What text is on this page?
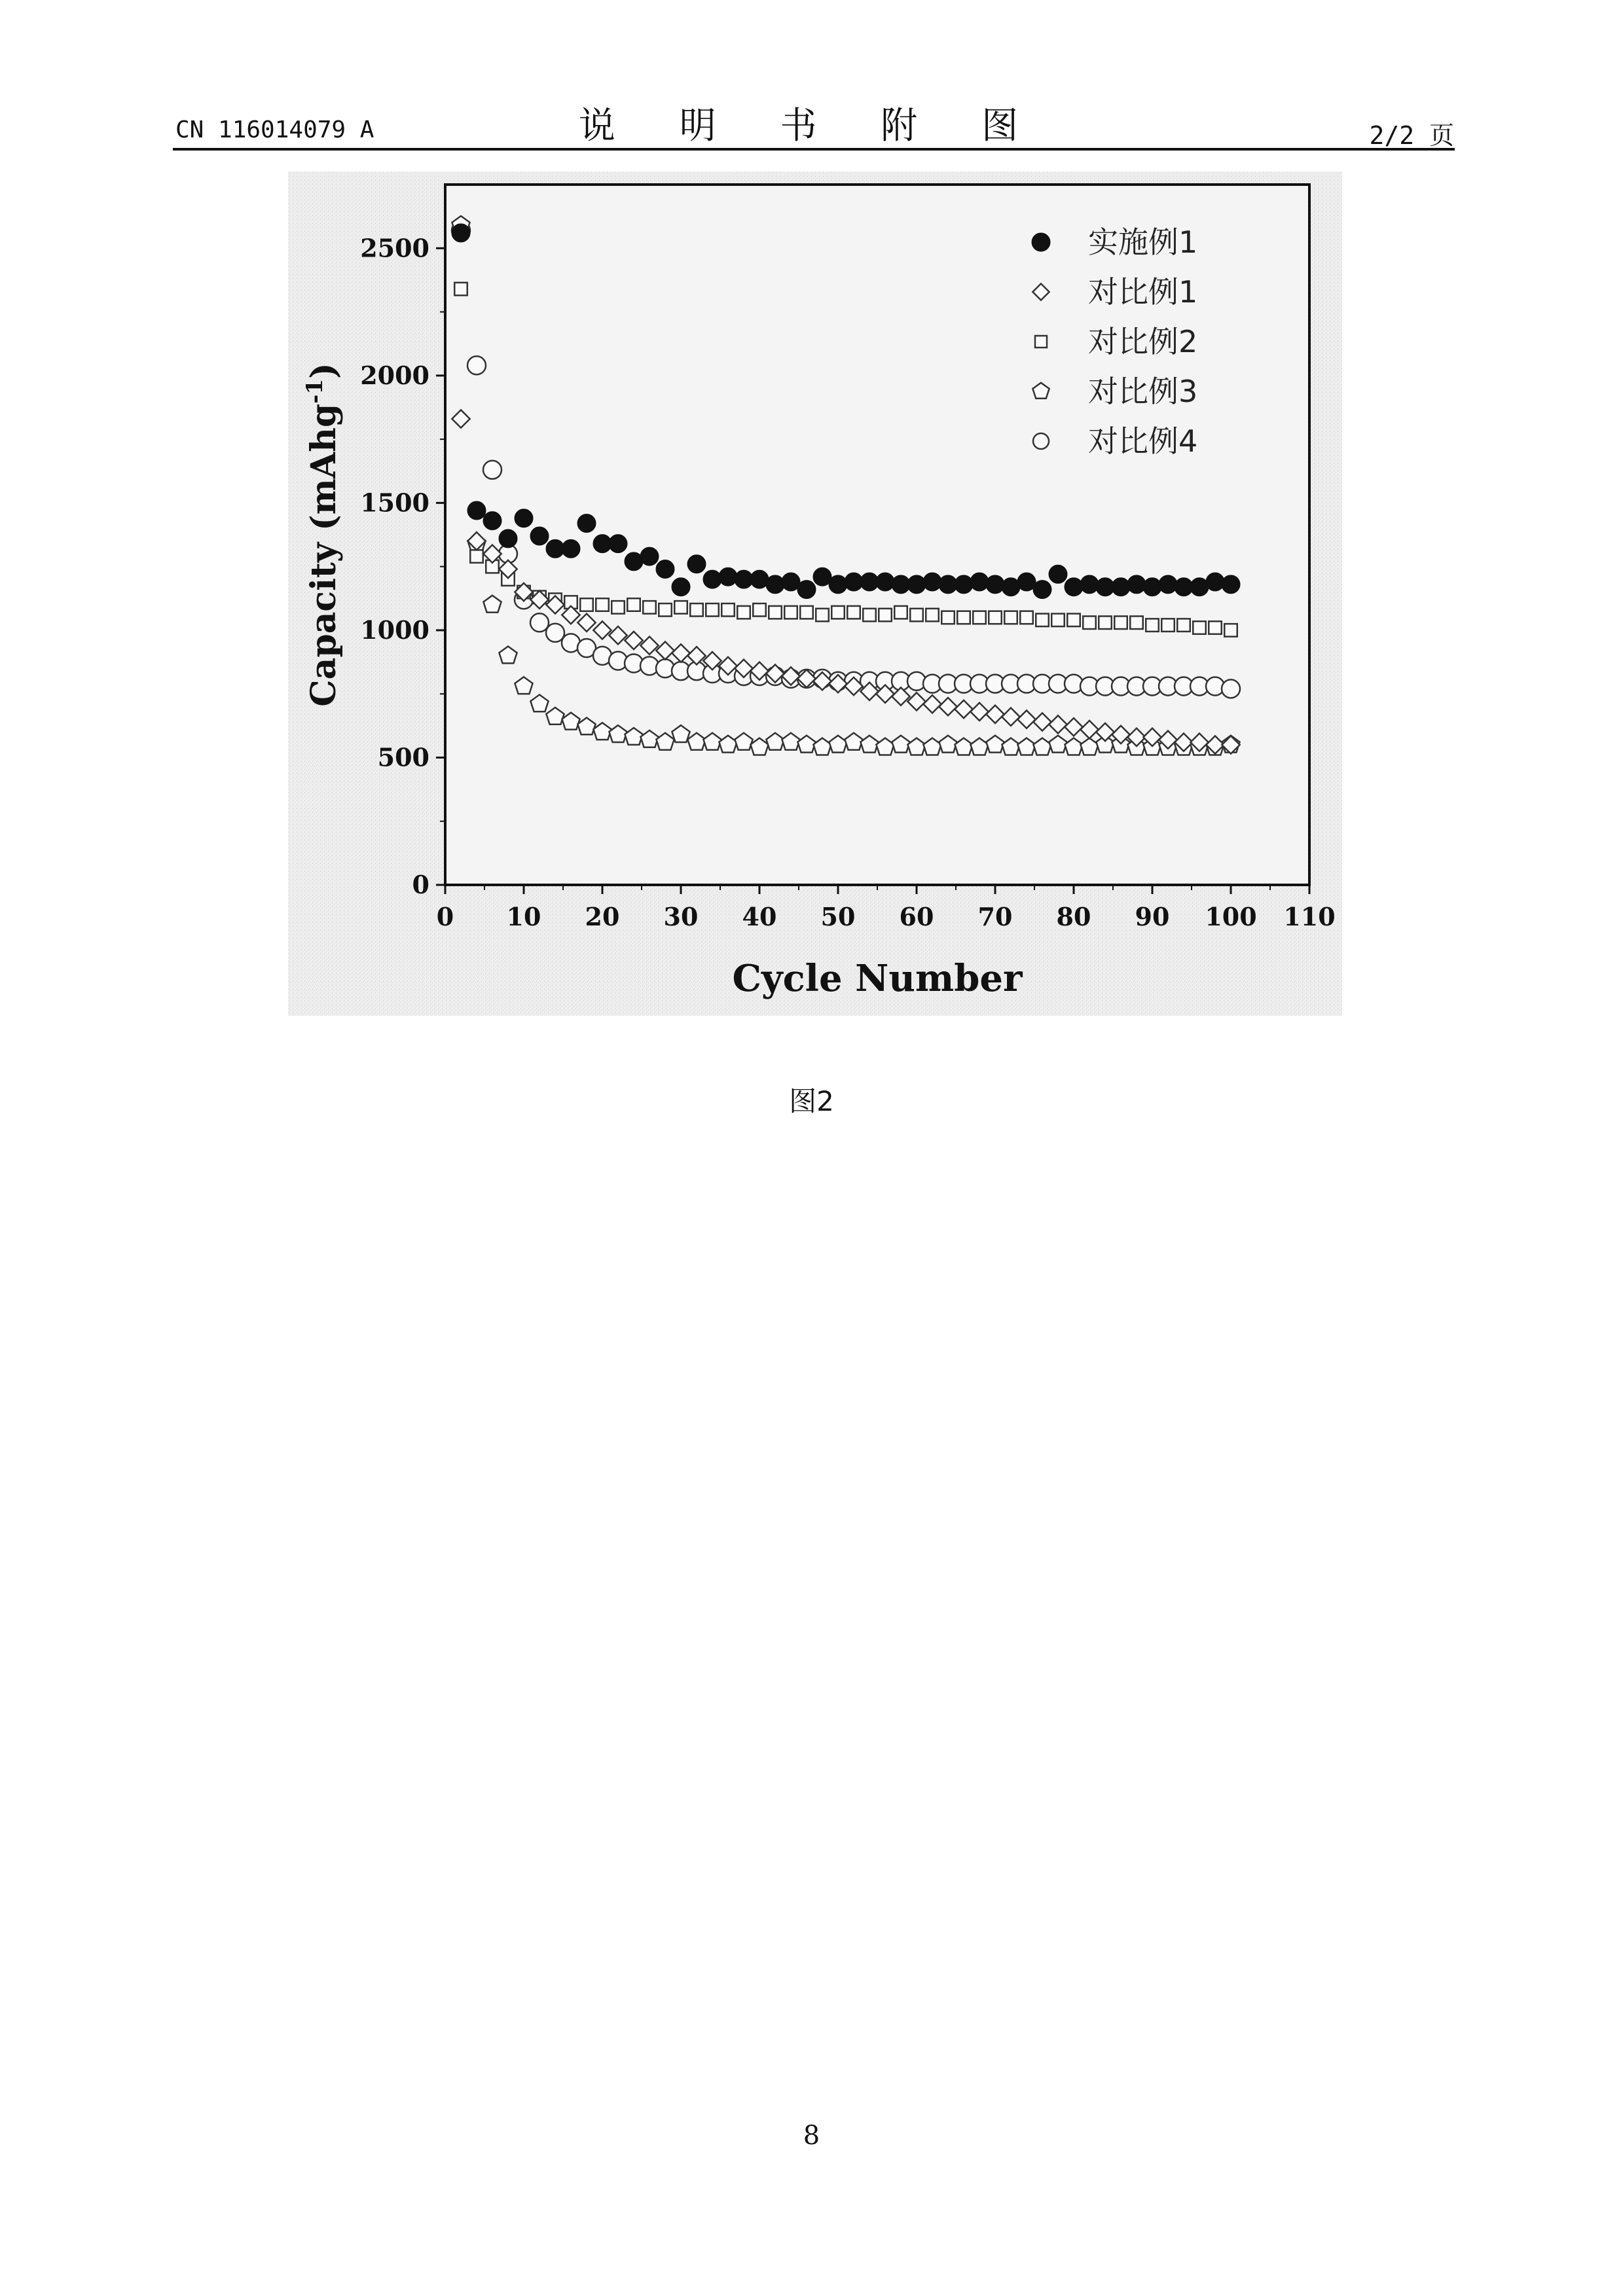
CN 116014079 A	说 明 书 附 图	2/2 页
0 10 20 30 40 50 60 70 80 90 100 110
0
500
1000
1500
2000
2500	实施例1
对比例1
对比例2
对比例3
对比例4
Cycle Number
Capacity (mAhg$^{-1}$)
图2
8
